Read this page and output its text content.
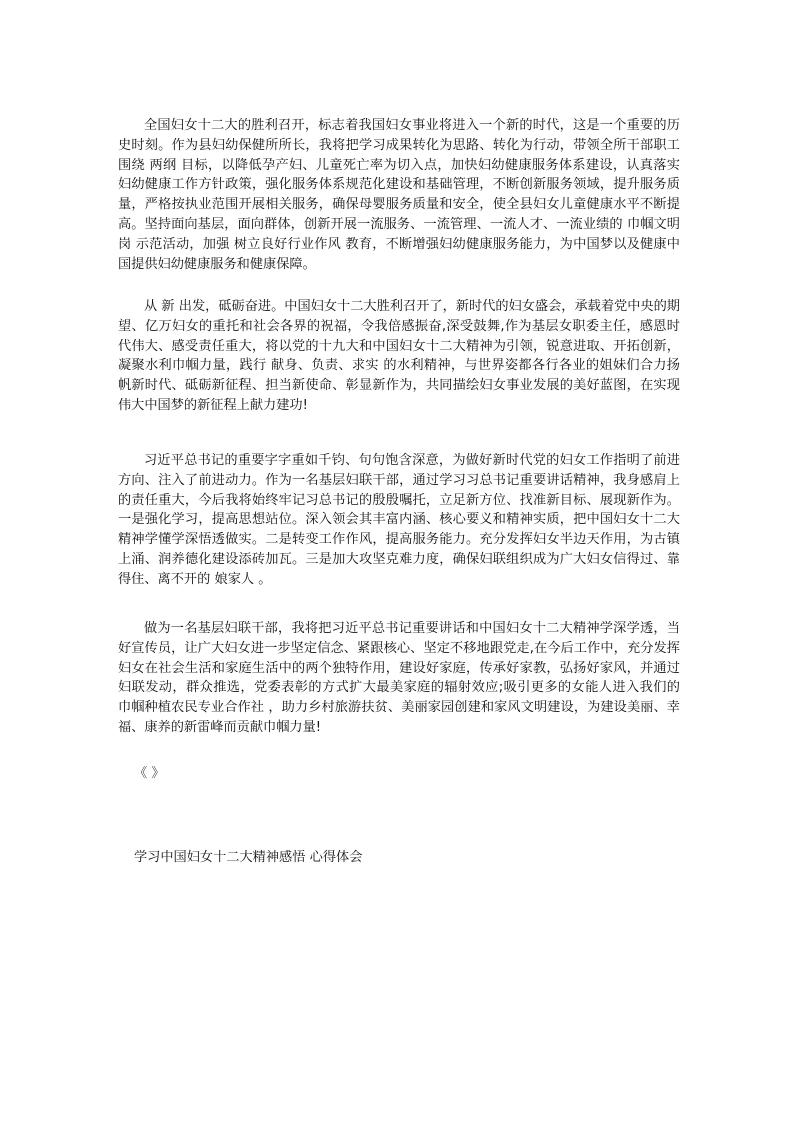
全国妇女十二大的胜利召开，标志着我国妇女事业将进入一个新的时代，这是一个重要的历史时刻。作为县妇幼保健所所长，我将把学习成果转化为思路、转化为行动，带领全所干部职工围绕 两纲 目标，以降低孕产妇、儿童死亡率为切入点，加快妇幼健康服务体系建设，认真落实妇幼健康工作方针政策，强化服务体系规范化建设和基础管理，不断创新服务领域，提升服务质量，严格按执业范围开展相关服务，确保母婴服务质量和安全，使全县妇女儿童健康水平不断提高。坚持面向基层，面向群体，创新开展一流服务、一流管理、一流人才、一流业绩的 巾帼文明岗 示范活动，加强 树立良好行业作风 教育，不断增强妇幼健康服务能力，为中国梦以及健康中国提供妇幼健康服务和健康保障。

从 新 出发，砥砺奋进。中国妇女十二大胜利召开了，新时代的妇女盛会，承载着党中央的期望、亿万妇女的重托和社会各界的祝福，令我倍感振奋,深受鼓舞,作为基层女职委主任，感恩时代伟大、感受责任重大，将以党的十九大和中国妇女十二大精神为引领，锐意进取、开拓创新，凝聚水利巾帼力量，践行 献身、负责、求实 的水利精神，与世界姿都各行各业的姐妹们合力扬帆新时代、砥砺新征程、担当新使命、彰显新作为，共同描绘妇女事业发展的美好蓝图，在实现伟大中国梦的新征程上献力建功!

习近平总书记的重要字字重如千钧、句句饱含深意，为做好新时代党的妇女工作指明了前进方向、注入了前进动力。作为一名基层妇联干部，通过学习习总书记重要讲话精神，我身感肩上的责任重大，今后我将始终牢记习总书记的殷殷嘱托，立足新方位、找准新目标、展现新作为。一是强化学习，提高思想站位。深入领会其丰富内涵、核心要义和精神实质，把中国妇女十二大精神学懂学深悟透做实。二是转变工作作风，提高服务能力。充分发挥妇女半边天作用，为古镇上涌、润养德化建设添砖加瓦。三是加大攻坚克难力度，确保妇联组织成为广大妇女信得过、靠得住、离不开的 娘家人 。

做为一名基层妇联干部，我将把习近平总书记重要讲话和中国妇女十二大精神学深学透，当好宣传员，让广大妇女进一步坚定信念、紧跟核心、坚定不移地跟党走,在今后工作中，充分发挥妇女在社会生活和家庭生活中的两个独特作用，建设好家庭，传承好家教，弘扬好家风，并通过妇联发动，群众推选，党委表彰的方式扩大最美家庭的辐射效应;吸引更多的女能人进入我们的 巾帼种植农民专业合作社 ，助力乡村旅游扶贫、美丽家园创建和家风文明建设，为建设美丽、幸福、康养的新雷峰而贡献巾帼力量!

《 》

学习中国妇女十二大精神感悟 心得体会
